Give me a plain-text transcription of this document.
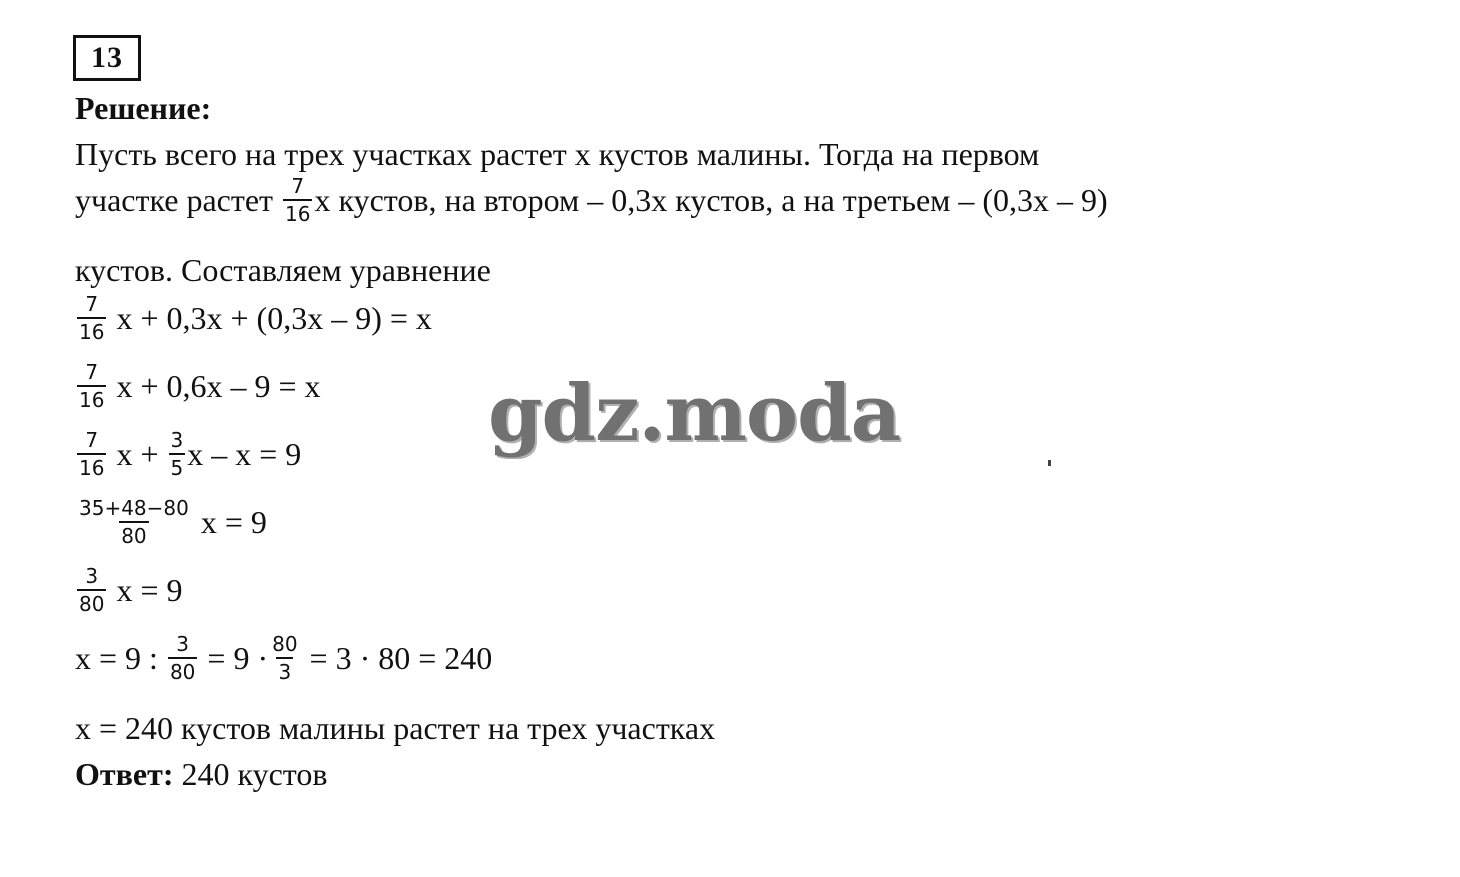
13
Решение:
Пусть всего на трех участках растет x кустов малины. Тогда на первом
участке растет $\frac{7}{16}$ x кустов, на втором – 0,3x кустов, а на третьем – (0,3x – 9)
кустов. Составляем уравнение
$\frac{7}{16}$ x + 0,3x + (0,3x – 9) = x
$\frac{7}{16}$ x + 0,6x – 9 = x
$\frac{7}{16}$ $x + \frac{3}{5}$ x – x = 9
$\frac{35+48-80}{80}$ x = 9
$\frac{3}{80}$ x = 9
x = 9 : $\frac{3}{80} = 9 \cdot \frac{80}{3} = 3 \cdot 80 = 240$
x = 240 кустов малины растет на трех участках
Ответ: 240 кустов
gdz.moda
